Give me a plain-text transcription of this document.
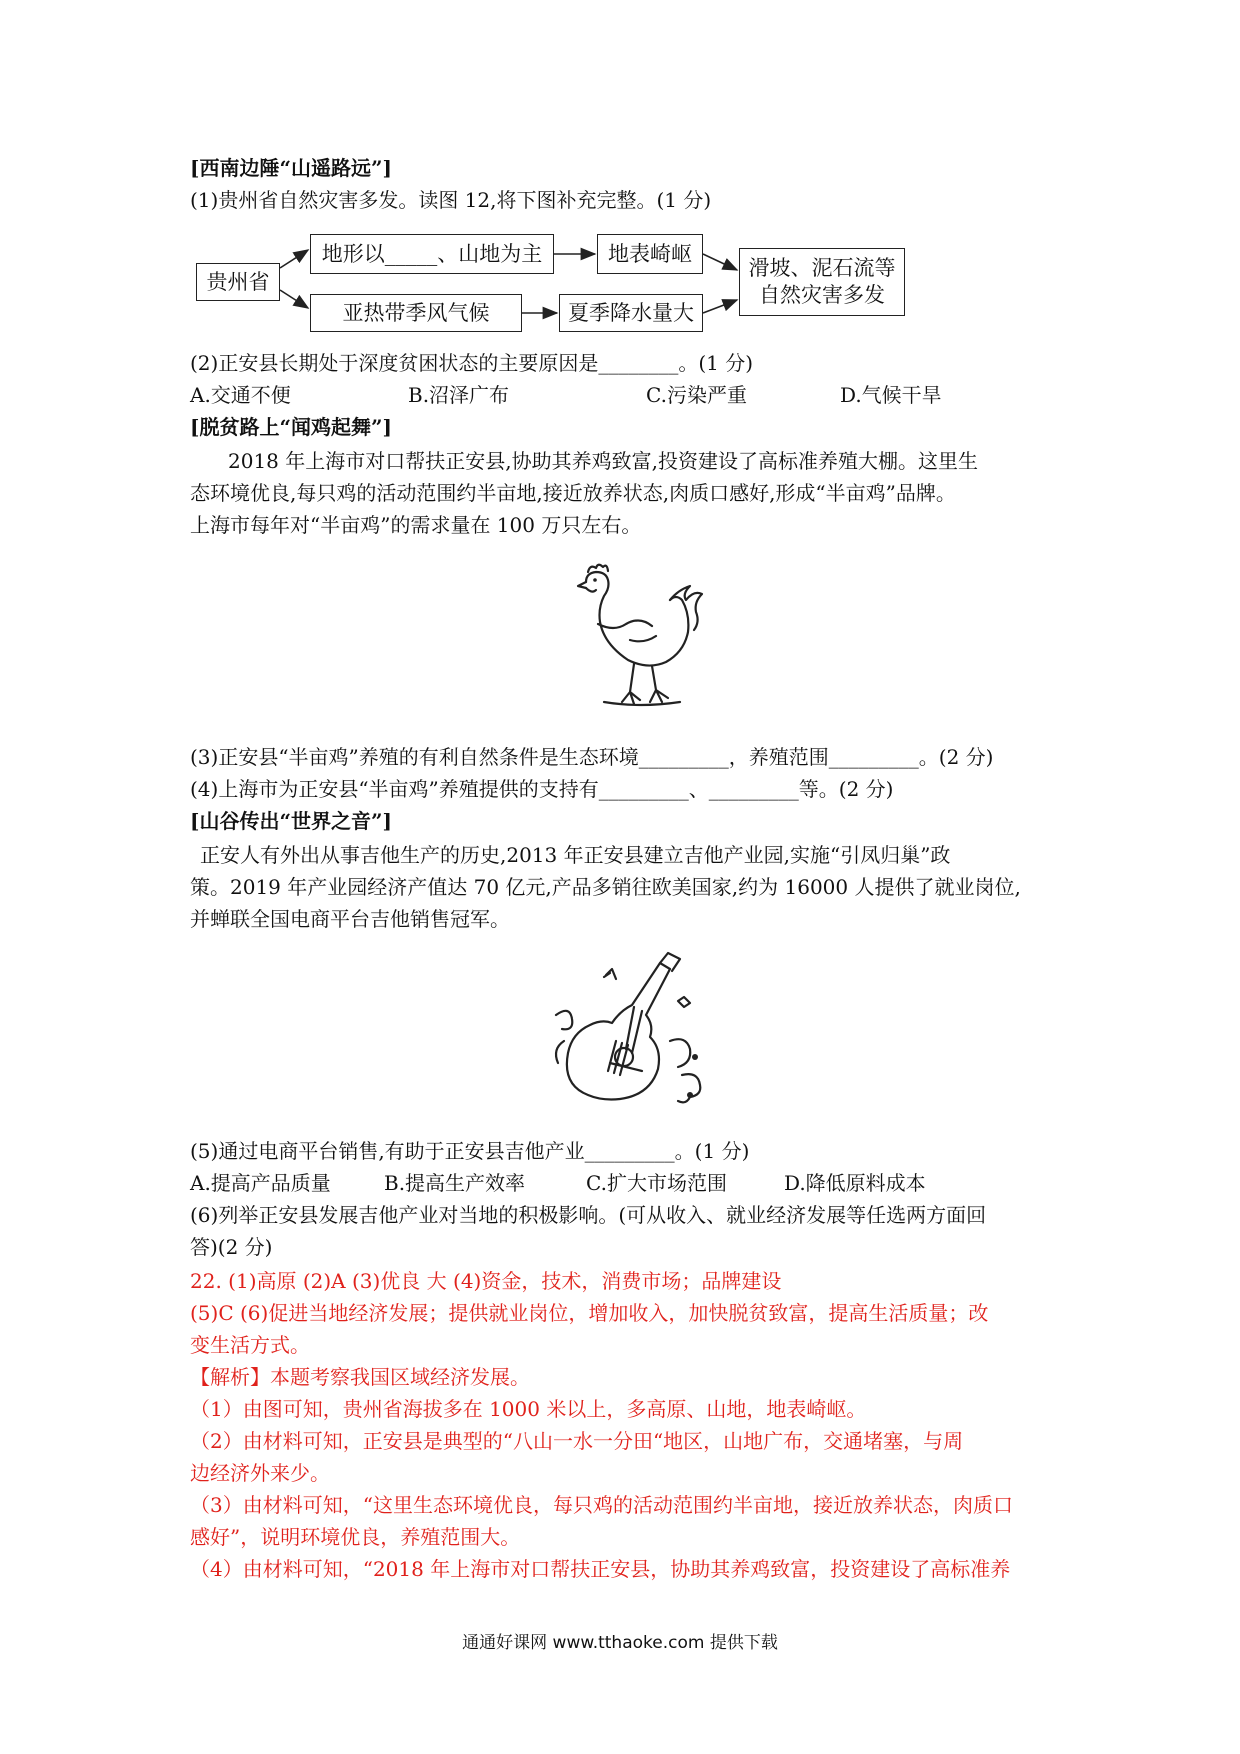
[西南边陲“山遥路远”]
(1)贵州省自然灾害多发。读图 12,将下图补充完整。(1 分)
贵州省
地形以_____、山地为主	地表崎岖
亚热带季风气候	夏季降水量大
滑坡、泥石流等
自然灾害多发
(2)正安县长期处于深度贫困状态的主要原因是________。(1 分)
A.交通不便	B.沼泽广布	C.污染严重	D.气候干旱
[脱贫路上“闻鸡起舞”]
2018 年上海市对口帮扶正安县,协助其养鸡致富,投资建设了高标准养殖大棚。这里生
态环境优良,每只鸡的活动范围约半亩地,接近放养状态,肉质口感好,形成“半亩鸡”品牌。
上海市每年对“半亩鸡”的需求量在 100 万只左右。
(3)正安县“半亩鸡”养殖的有利自然条件是生态环境_________，养殖范围_________。(2 分)
(4)上海市为正安县“半亩鸡”养殖提供的支持有_________、_________等。(2 分)
[山谷传出“世界之音”]
正安人有外出从事吉他生产的历史,2013 年正安县建立吉他产业园,实施“引凤归巢”政
策。2019 年产业园经济产值达 70 亿元,产品多销往欧美国家,约为 16000 人提供了就业岗位,
并蝉联全国电商平台吉他销售冠军。
(5)通过电商平台销售,有助于正安县吉他产业_________。(1 分)
A.提高产品质量	B.提高生产效率	C.扩大市场范围	D.降低原料成本
(6)列举正安县发展吉他产业对当地的积极影响。(可从收入、就业经济发展等任选两方面回
答)(2 分)
22. (1)高原 (2)A (3)优良 大 (4)资金，技术，消费市场；品牌建设
(5)C (6)促进当地经济发展；提供就业岗位，增加收入，加快脱贫致富，提高生活质量；改
变生活方式。
【解析】本题考察我国区域经济发展。
（1）由图可知，贵州省海拔多在 1000 米以上，多高原、山地，地表崎岖。
（2）由材料可知，正安县是典型的“八山一水一分田“地区，山地广布，交通堵塞，与周
边经济外来少。
（3）由材料可知，“这里生态环境优良，每只鸡的活动范围约半亩地，接近放养状态，肉质口
感好”，说明环境优良，养殖范围大。
（4）由材料可知，“2018 年上海市对口帮扶正安县，协助其养鸡致富，投资建设了高标准养
通通好课网 www.tthaoke.com 提供下载
